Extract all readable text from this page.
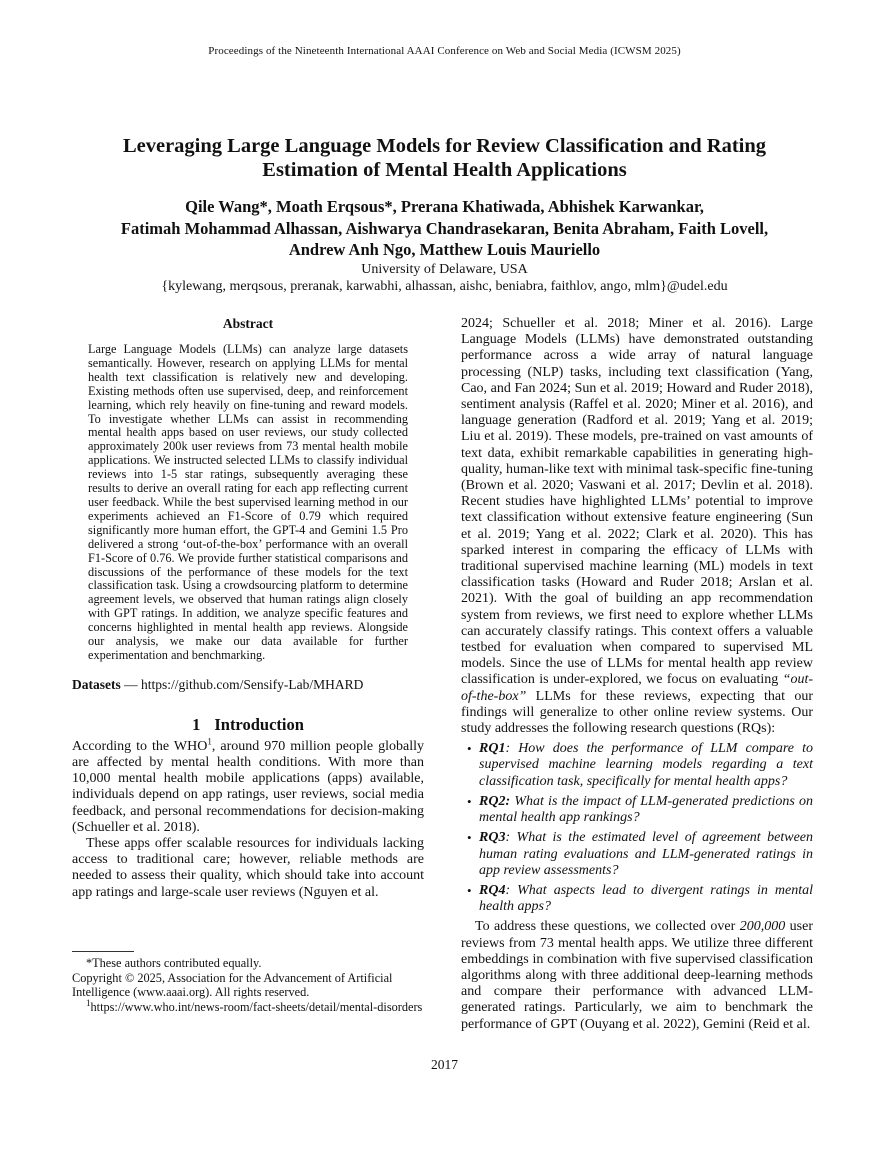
Proceedings of the Nineteenth International AAAI Conference on Web and Social Media (ICWSM 2025)
Leveraging Large Language Models for Review Classification and Rating
Estimation of Mental Health Applications
Qile Wang*, Moath Erqsous*, Prerana Khatiwada, Abhishek Karwankar,
Fatimah Mohammad Alhassan, Aishwarya Chandrasekaran, Benita Abraham, Faith Lovell,
Andrew Anh Ngo, Matthew Louis Mauriello
University of Delaware, USA
{kylewang, merqsous, preranak, karwabhi, alhassan, aishc, beniabra, faithlov, ango, mlm}@udel.edu
Abstract
Large Language Models (LLMs) can analyze large datasets semantically. However, research on applying LLMs for mental health text classification is relatively new and developing. Existing methods often use supervised, deep, and reinforcement learning, which rely heavily on fine-tuning and reward models. To investigate whether LLMs can assist in recommending mental health apps based on user reviews, our study collected approximately 200k user reviews from 73 mental health mobile applications. We instructed selected LLMs to classify individual reviews into 1-5 star ratings, subsequently averaging these results to derive an overall rating for each app reflecting current user feedback. While the best supervised learning method in our experiments achieved an F1-Score of 0.79 which required significantly more human effort, the GPT-4 and Gemini 1.5 Pro delivered a strong ‘out-of-the-box’ performance with an overall F1-Score of 0.76. We provide further statistical comparisons and discussions of the performance of these models for the text classification task. Using a crowdsourcing platform to determine agreement levels, we observed that human ratings align closely with GPT ratings. In addition, we analyze specific features and concerns highlighted in mental health app reviews. Alongside our analysis, we make our data available for further experimentation and benchmarking.
Datasets — https://github.com/Sensify-Lab/MHARD
1 Introduction

According to the WHO$^1$, around 970 million people globally are affected by mental health conditions. With more than 10,000 mental health mobile applications (apps) available, individuals depend on app ratings, user reviews, social media feedback, and personal recommendations for decision-making (Schueller et al. 2018).

These apps offer scalable resources for individuals lacking access to traditional care; however, reliable methods are needed to assess their quality, which should take into account app ratings and large-scale user reviews (Nguyen et al.

*These authors contributed equally.

Copyright © 2025, Association for the Advancement of Artificial Intelligence (www.aaai.org). All rights reserved.

$^1$https://www.who.int/news-room/fact-sheets/detail/mental-disorders

2024; Schueller et al. 2018; Miner et al. 2016). Large Language Models (LLMs) have demonstrated outstanding performance across a wide array of natural language processing (NLP) tasks, including text classification (Yang, Cao, and Fan 2024; Sun et al. 2019; Howard and Ruder 2018), sentiment analysis (Raffel et al. 2020; Miner et al. 2016), and language generation (Radford et al. 2019; Yang et al. 2019; Liu et al. 2019). These models, pre-trained on vast amounts of text data, exhibit remarkable capabilities in generating high-quality, human-like text with minimal task-specific fine-tuning (Brown et al. 2020; Vaswani et al. 2017; Devlin et al. 2018). Recent studies have highlighted LLMs’ potential to improve text classification without extensive feature engineering (Sun et al. 2019; Yang et al. 2022; Clark et al. 2020). This has sparked interest in comparing the efficacy of LLMs with traditional supervised machine learning (ML) models in text classification tasks (Howard and Ruder 2018; Arslan et al. 2021). With the goal of building an app recommendation system from reviews, we first need to explore whether LLMs can accurately classify ratings. This context offers a valuable testbed for evaluation when compared to supervised ML models. Since the use of LLMs for mental health app review classification is under-explored, we focus on evaluating “out-of-the-box” LLMs for these reviews, expecting that our findings will generalize to other online review systems. Our study addresses the following research questions (RQs):

• RQ1: How does the performance of LLM compare to supervised machine learning models regarding a text classification task, specifically for mental health apps?
• RQ2: What is the impact of LLM-generated predictions on mental health app rankings?
• RQ3: What is the estimated level of agreement between human rating evaluations and LLM-generated ratings in app review assessments?
• RQ4: What aspects lead to divergent ratings in mental health apps?

To address these questions, we collected over 200,000 user reviews from 73 mental health apps. We utilize three different embeddings in combination with five supervised classification algorithms along with three additional deep-learning methods and compare their performance with advanced LLM-generated ratings. Particularly, we aim to benchmark the performance of GPT (Ouyang et al. 2022), Gemini (Reid et al.

2017
